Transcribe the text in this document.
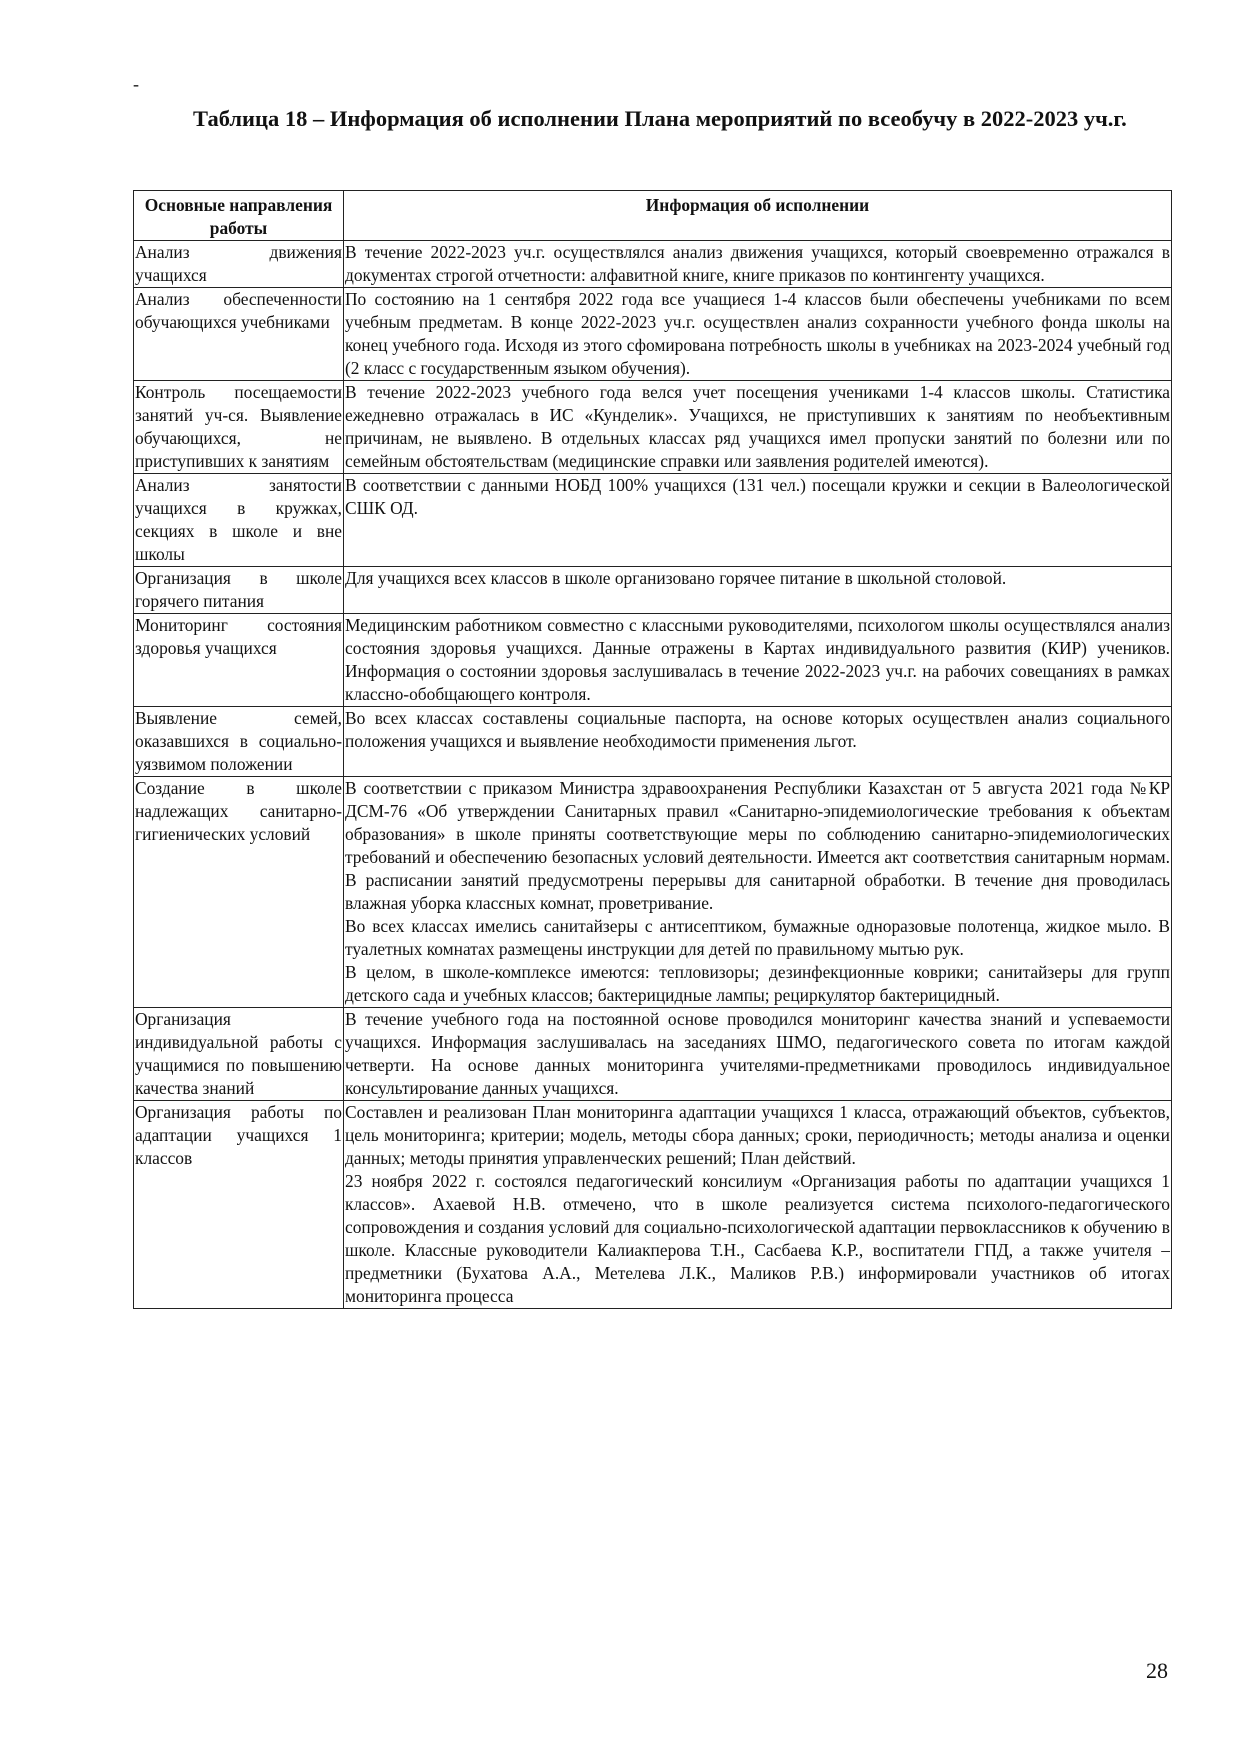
-
Таблица 18 – Информация об исполнении Плана мероприятий по всеобучу в 2022-2023 уч.г.
Основные направления работы	Информация об исполнении
Анализ движения учащихся	В течение 2022-2023 уч.г. осуществлялся анализ движения учащихся, который своевременно отражался в документах строгой отчетности: алфавитной книге, книге приказов по контингенту учащихся.

Анализ обеспеченности обучающихся учебниками	По состоянию на 1 сентября 2022 года все учащиеся 1-4 классов были обеспечены учебниками по всем учебным предметам. В конце 2022-2023 уч.г. осуществлен анализ сохранности учебного фонда школы на конец учебного года. Исходя из этого сфомирована потребность школы в учебниках на 2023-2024 учебный год (2 класс с государственным языком обучения).

Контроль посещаемости занятий уч-ся. Выявление обучающихся, не приступивших к занятиям	В течение 2022-2023 учебного года велся учет посещения учениками 1-4 классов школы. Статистика ежедневно отражалась в ИС «Кунделик». Учащихся, не приступивших к занятиям по необъективным причинам, не выявлено. В отдельных классах ряд учащихся имел пропуски занятий по болезни или по семейным обстоятельствам (медицинские справки или заявления родителей имеются).

Анализ занятости учащихся в кружках, секциях в школе и вне школы	В соответствии с данными НОБД 100% учащихся (131 чел.) посещали кружки и секции в Валеологической СШК ОД.

Организация в школе горячего питания	Для учащихся всех классов в школе организовано горячее питание в школьной столовой.

Мониторинг состояния здоровья учащихся	Медицинским работником совместно с классными руководителями, психологом школы осуществлялся анализ состояния здоровья учащихся. Данные отражены в Картах индивидуального развития (КИР) учеников. Информация о состоянии здоровья заслушивалась в течение 2022-2023 уч.г. на рабочих совещаниях в рамках классно-обобщающего контроля.

Выявление семей, оказавшихся в социально-уязвимом положении	Во всех классах составлены социальные паспорта, на основе которых осуществлен анализ социального положения учащихся и выявление необходимости применения льгот.

Создание в школе надлежащих санитарно-гигиенических условий	В соответствии с приказом Министра здравоохранения Республики Казахстан от 5 августа 2021 года №КР ДСМ-76 «Об утверждении Санитарных правил «Санитарно-эпидемиологические требования к объектам образования» в школе приняты соответствующие меры по соблюдению санитарно-эпидемиологических требований и обеспечению безопасных условий деятельности. Имеется акт соответствия санитарным нормам. В расписании занятий предусмотрены перерывы для санитарной обработки. В течение дня проводилась влажная уборка классных комнат, проветривание.

Во всех классах имелись санитайзеры с антисептиком, бумажные одноразовые полотенца, жидкое мыло. В туалетных комнатах размещены инструкции для детей по правильному мытью рук.

В целом, в школе-комплексе имеются: тепловизоры; дезинфекционные коврики; санитайзеры для групп детского сада и учебных классов; бактерицидные лампы; рециркулятор бактерицидный.

Организация индивидуальной работы с учащимися по повышению качества знаний	В течение учебного года на постоянной основе проводился мониторинг качества знаний и успеваемости учащихся. Информация заслушивалась на заседаниях ШМО, педагогического совета по итогам каждой четверти. На основе данных мониторинга учителями-предметниками проводилось индивидуальное консультирование данных учащихся.

Организация работы по адаптации учащихся 1 классов	Составлен и реализован План мониторинга адаптации учащихся 1 класса, отражающий объектов, субъектов, цель мониторинга; критерии; модель, методы сбора данных; сроки, периодичность; методы анализа и оценки данных; методы принятия управленческих решений; План действий.

23 ноября 2022 г. состоялся педагогический консилиум «Организация работы по адаптации учащихся 1 классов». Ахаевой Н.В. отмечено, что в школе реализуется система психолого-педагогического сопровождения и создания условий для социально-психологической адаптации первоклассников к обучению в школе. Классные руководители Калиакперова Т.Н., Сасбаева К.Р., воспитатели ГПД, а также учителя – предметники (Бухатова А.А., Метелева Л.К., Маликов Р.В.) информировали участников об итогах мониторинга процесса

28
